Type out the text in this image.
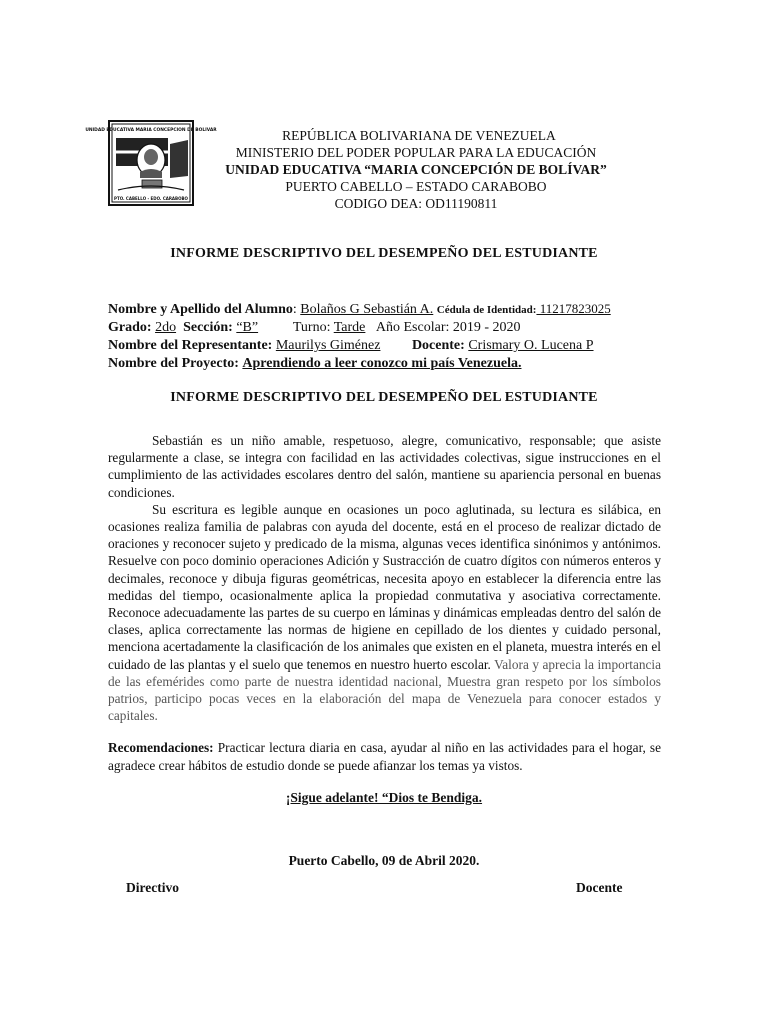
UNIDAD EDUCATIVA MARIA CONCEPCION DE BOLIVAR
PTO. CABELLO - EDO. CARABOBO
REPÚBLICA BOLIVARIANA DE VENEZUELA
MINISTERIO DEL PODER POPULAR PARA LA EDUCACIÓN
UNIDAD EDUCATIVA “MARIA CONCEPCIÓN DE BOLÍVAR”
PUERTO CABELLO – ESTADO CARABOBO
CODIGO DEA: OD11190811
INFORME DESCRIPTIVO DEL DESEMPEÑO DEL ESTUDIANTE
Nombre y Apellido del Alumno: Bolaños G Sebastián A. Cédula de Identidad: 11217823025
Grado: 2do Sección: “B” Turno: Tarde Año Escolar: 2019 - 2020
Nombre del Representante: Maurilys Giménez Docente: Crismary O. Lucena P
Nombre del Proyecto: Aprendiendo a leer conozco mi país Venezuela.
INFORME DESCRIPTIVO DEL DESEMPEÑO DEL ESTUDIANTE

Sebastián es un niño amable, respetuoso, alegre, comunicativo, responsable; que asiste regularmente a clase, se integra con facilidad en las actividades colectivas, sigue instrucciones en el cumplimiento de las actividades escolares dentro del salón, mantiene su apariencia personal en buenas condiciones.

Su escritura es legible aunque en ocasiones un poco aglutinada, su lectura es silábica, en ocasiones realiza familia de palabras con ayuda del docente, está en el proceso de realizar dictado de oraciones y reconocer sujeto y predicado de la misma, algunas veces identifica sinónimos y antónimos. Resuelve con poco dominio operaciones Adición y Sustracción de cuatro dígitos con números enteros y decimales, reconoce y dibuja figuras geométricas, necesita apoyo en establecer la diferencia entre las medidas del tiempo, ocasionalmente aplica la propiedad conmutativa y asociativa correctamente. Reconoce adecuadamente las partes de su cuerpo en láminas y dinámicas empleadas dentro del salón de clases, aplica correctamente las normas de higiene en cepillado de los dientes y cuidado personal, menciona acertadamente la clasificación de los animales que existen en el planeta, muestra interés en el cuidado de las plantas y el suelo que tenemos en nuestro huerto escolar. Valora y aprecia la importancia de las efemérides como parte de nuestra identidad nacional, Muestra gran respeto por los símbolos patrios, participo pocas veces en la elaboración del mapa de Venezuela para conocer estados y capitales.

Recomendaciones: Practicar lectura diaria en casa, ayudar al niño en las actividades para el hogar, se agradece crear hábitos de estudio donde se puede afianzar los temas ya vistos.
¡Sigue adelante! “Dios te Bendiga.
Puerto Cabello, 09 de Abril 2020.
Directivo	Docente
